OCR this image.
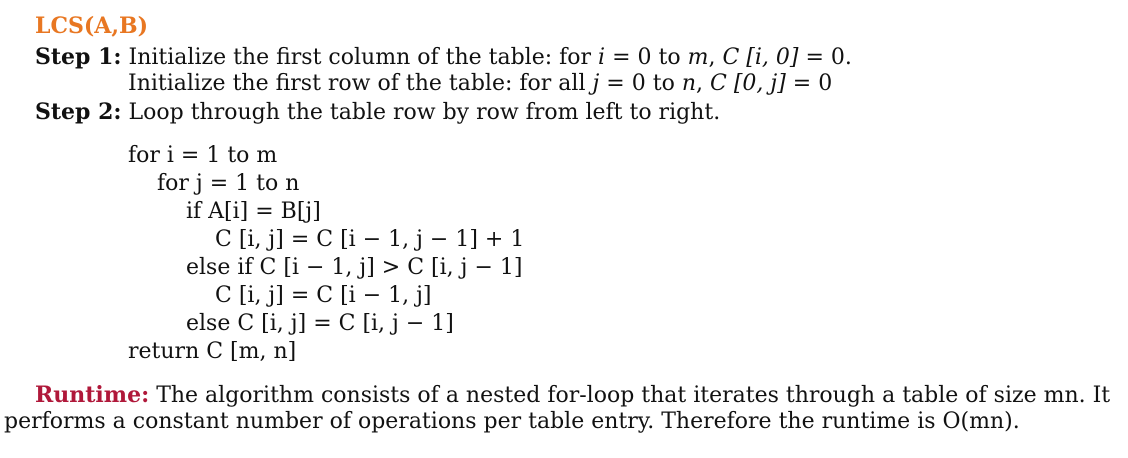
LCS(A,B)
Step 1: Initialize the first column of the table: for i = 0 to m, C [i, 0] = 0.
Initialize the first row of the table: for all j = 0 to n, C [0, j] = 0
Step 2: Loop through the table row by row from left to right.
for i = 1 to m
for j = 1 to n
if A[i] = B[j]
C [i, j] = C [i − 1, j − 1] + 1
else if C [i − 1, j] > C [i, j − 1]
C [i, j] = C [i − 1, j]
else C [i, j] = C [i, j − 1]
return C [m, n]
Runtime: The algorithm consists of a nested for-loop that iterates through a table of size mn. It
performs a constant number of operations per table entry. Therefore the runtime is O(mn).
